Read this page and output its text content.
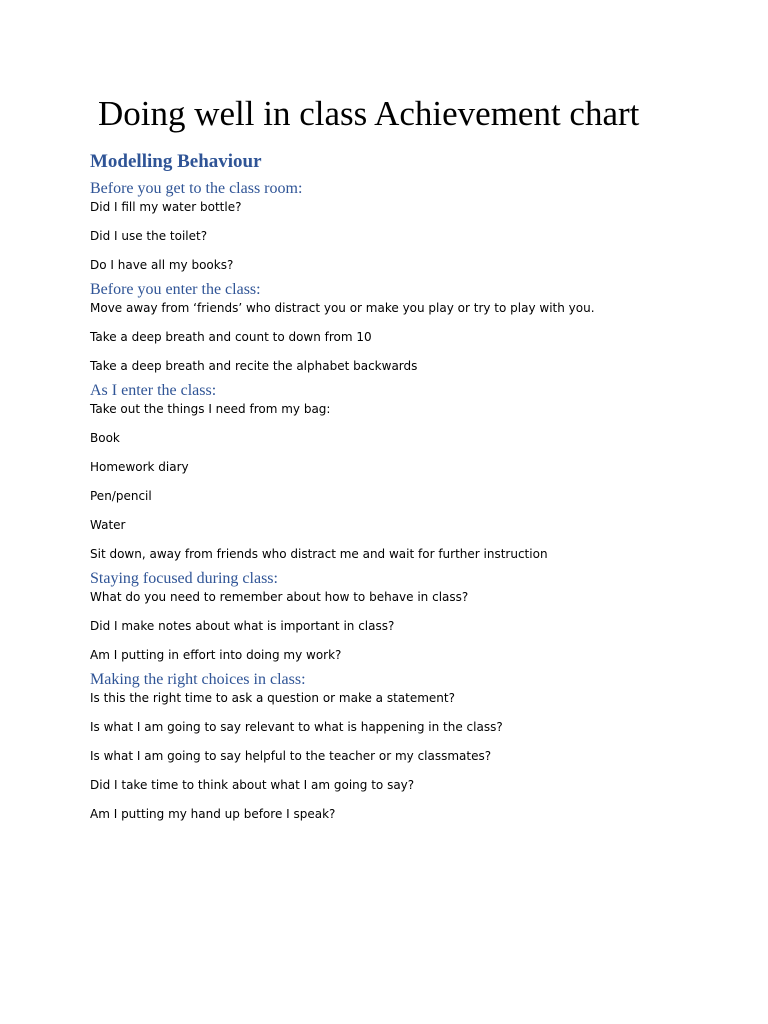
Doing well in class Achievement chart
Modelling Behaviour
Before you get to the class room:

Did I fill my water bottle?

Did I use the toilet?

Do I have all my books?

Before you enter the class:

Move away from ‘friends’ who distract you or make you play or try to play with you.

Take a deep breath and count to down from 10

Take a deep breath and recite the alphabet backwards

As I enter the class:

Take out the things I need from my bag:

Book

Homework diary

Pen/pencil

Water

Sit down, away from friends who distract me and wait for further instruction

Staying focused during class:

What do you need to remember about how to behave in class?

Did I make notes about what is important in class?

Am I putting in effort into doing my work?

Making the right choices in class:

Is this the right time to ask a question or make a statement?

Is what I am going to say relevant to what is happening in the class?

Is what I am going to say helpful to the teacher or my classmates?

Did I take time to think about what I am going to say?

Am I putting my hand up before I speak?
